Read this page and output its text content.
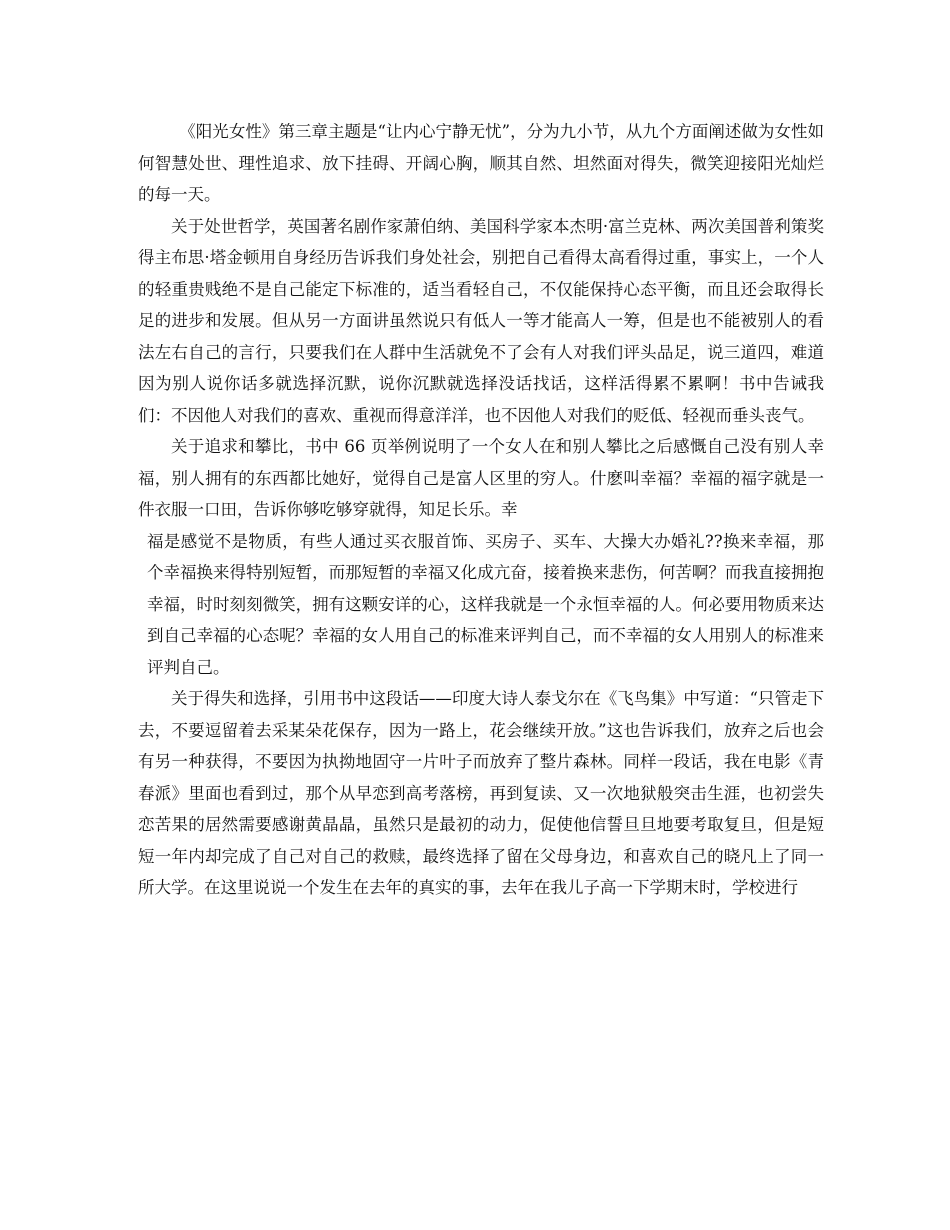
《阳光女性》第三章主题是“让内心宁静无忧”，分为九小节，从九个方面阐述做为女性如何智慧处世、理性追求、放下挂碍、开阔心胸，顺其自然、坦然面对得失，微笑迎接阳光灿烂的每一天。

关于处世哲学，英国著名剧作家萧伯纳、美国科学家本杰明·富兰克林、两次美国普利策奖得主布思·塔金顿用自身经历告诉我们身处社会，别把自己看得太高看得过重，事实上，一个人的轻重贵贱绝不是自己能定下标准的，适当看轻自己，不仅能保持心态平衡，而且还会取得长足的进步和发展。但从另一方面讲虽然说只有低人一等才能高人一筹，但是也不能被别人的看法左右自己的言行，只要我们在人群中生活就免不了会有人对我们评头品足，说三道四，难道因为别人说你话多就选择沉默，说你沉默就选择没话找话，这样活得累不累啊！书中告诫我们：不因他人对我们的喜欢、重视而得意洋洋，也不因他人对我们的贬低、轻视而垂头丧气。

关于追求和攀比，书中 66 页举例说明了一个女人在和别人攀比之后感慨自己没有别人幸福，别人拥有的东西都比她好，觉得自己是富人区里的穷人。什麽叫幸福？幸福的福字就是一件衣服一口田，告诉你够吃够穿就得，知足长乐。幸

福是感觉不是物质，有些人通过买衣服首饰、买房子、买车、大操大办婚礼??换来幸福，那个幸福换来得特别短暂，而那短暂的幸福又化成亢奋，接着换来悲伤，何苦啊？而我直接拥抱幸福，时时刻刻微笑，拥有这颗安详的心，这样我就是一个永恒幸福的人。何必要用物质来达到自己幸福的心态呢？幸福的女人用自己的标准来评判自己，而不幸福的女人用别人的标准来评判自己。

关于得失和选择，引用书中这段话——印度大诗人泰戈尔在《飞鸟集》中写道：“只管走下去，不要逗留着去采某朵花保存，因为一路上，花会继续开放。”这也告诉我们，放弃之后也会有另一种获得，不要因为执拗地固守一片叶子而放弃了整片森林。同样一段话，我在电影《青春派》里面也看到过，那个从早恋到高考落榜，再到复读、又一次地狱般突击生涯，也初尝失恋苦果的居然需要感谢黄晶晶，虽然只是最初的动力，促使他信誓旦旦地要考取复旦，但是短短一年内却完成了自己对自己的救赎，最终选择了留在父母身边，和喜欢自己的晓凡上了同一所大学。在这里说说一个发生在去年的真实的事，去年在我儿子高一下学期末时，学校进行
